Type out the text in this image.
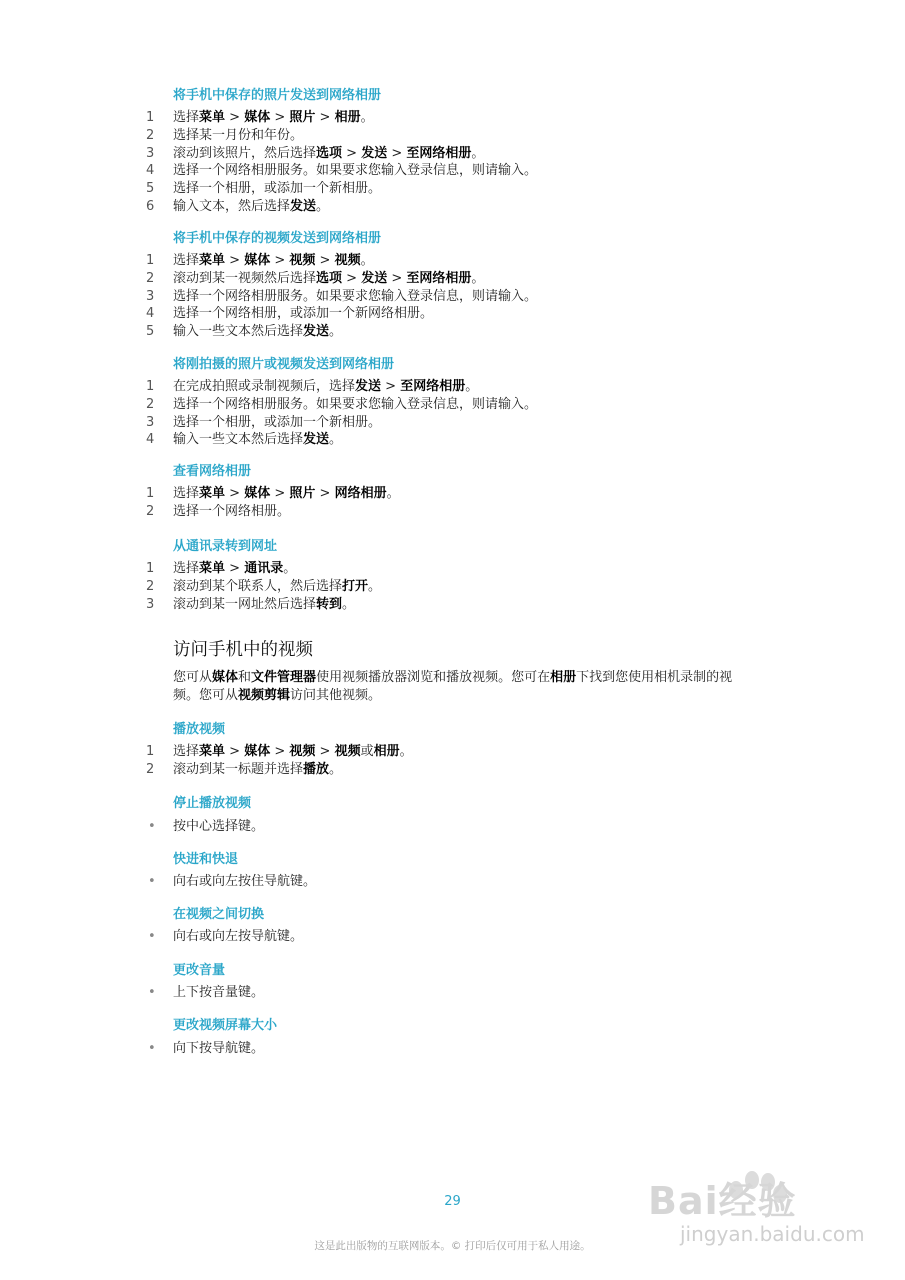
将手机中保存的照片发送到网络相册
1	选择菜单 > 媒体 > 照片 > 相册。
2	选择某一月份和年份。
3	滚动到该照片，然后选择选项 > 发送 > 至网络相册。
4	选择一个网络相册服务。如果要求您输入登录信息，则请输入。
5	选择一个相册，或添加一个新相册。
6	输入文本，然后选择发送。
将手机中保存的视频发送到网络相册
1	选择菜单 > 媒体 > 视频 > 视频。
2	滚动到某一视频然后选择选项 > 发送 > 至网络相册。
3	选择一个网络相册服务。如果要求您输入登录信息，则请输入。
4	选择一个网络相册，或添加一个新网络相册。
5	输入一些文本然后选择发送。
将刚拍摄的照片或视频发送到网络相册
1	在完成拍照或录制视频后，选择发送 > 至网络相册。
2	选择一个网络相册服务。如果要求您输入登录信息，则请输入。
3	选择一个相册，或添加一个新相册。
4	输入一些文本然后选择发送。
查看网络相册
1	选择菜单 > 媒体 > 照片 > 网络相册。
2	选择一个网络相册。
从通讯录转到网址
1	选择菜单 > 通讯录。
2	滚动到某个联系人，然后选择打开。
3	滚动到某一网址然后选择转到。
访问手机中的视频
您可从媒体和文件管理器使用视频播放器浏览和播放视频。您可在相册下找到您使用相机录制的视频。您可从视频剪辑访问其他视频。
播放视频
1	选择菜单 > 媒体 > 视频 > 视频或相册。
2	滚动到某一标题并选择播放。
停止播放视频
• 按中心选择键。
快进和快退
• 向右或向左按住导航键。
在视频之间切换
• 向右或向左按导航键。
更改音量
• 上下按音量键。
更改视频屏幕大小
• 向下按导航键。
29
这是此出版物的互联网版本。© 打印后仅可用于私人用途。
Bai经验
jingyan.baidu.com
